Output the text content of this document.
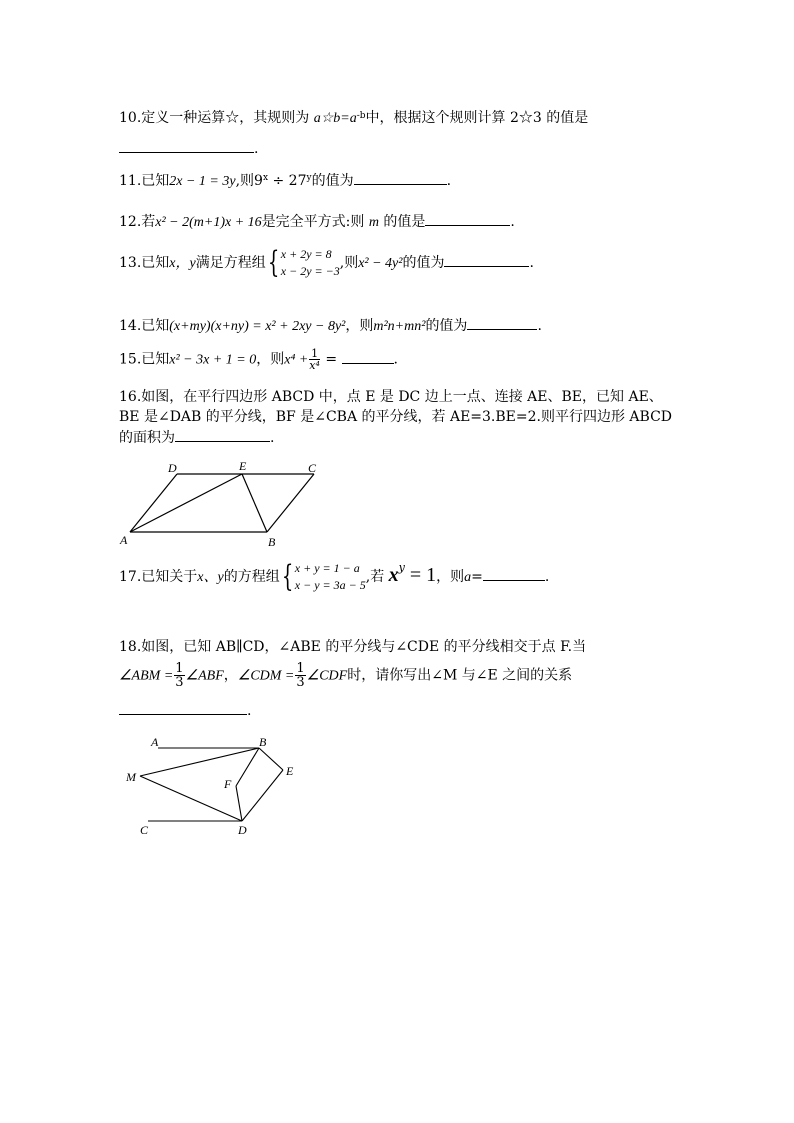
10.定义一种运算☆，其规则为 $a☆b=a^{-b}$中，根据这个规则计算 2☆3 的值是
.
11.已知2x − 1 = 3y,则$9^x \div 27^y$的值为	.
12.若x² − 2(m+1)x + 16是完全平方式:则 m 的值是	.
13.已知x，y满足方程组{ x + 2y = 8
x − 2y = −3 ,则x² − 4y²的值为	.
14.已知(x+my)(x+ny) = x² + 2xy − 8y²，则m²n+mn²的值为	.
15.已知x² − 3x + 1 = 0，则$x^4 + \frac{1}{\text{x⁴}}$ =	.
16.如图，在平行四边形 ABCD 中，点 E 是 DC 边上一点、连接 AE、BE，已知 AE、
BE 是∠DAB 的平分线，BF 是∠CBA 的平分线，若 AE=3.BE=2.则平行四边形 ABCD
的面积为	.
A	B
C
D	E
17.已知关于x、y的方程组{ x + y = 1 − a
x − y = 3a − 5 ,若 $x^y = 1$，则a=	.
18.如图，已知 AB∥CD，∠ABE 的平分线与∠CDE 的平分线相交于点 F.当
∠ABM = $\frac{1}{3}$ ∠ABF，∠CDM = $\frac{1}{3}$ ∠CDF时，请你写出∠M 与∠E 之间的关系
.
A	B
C	D
E
F
M
